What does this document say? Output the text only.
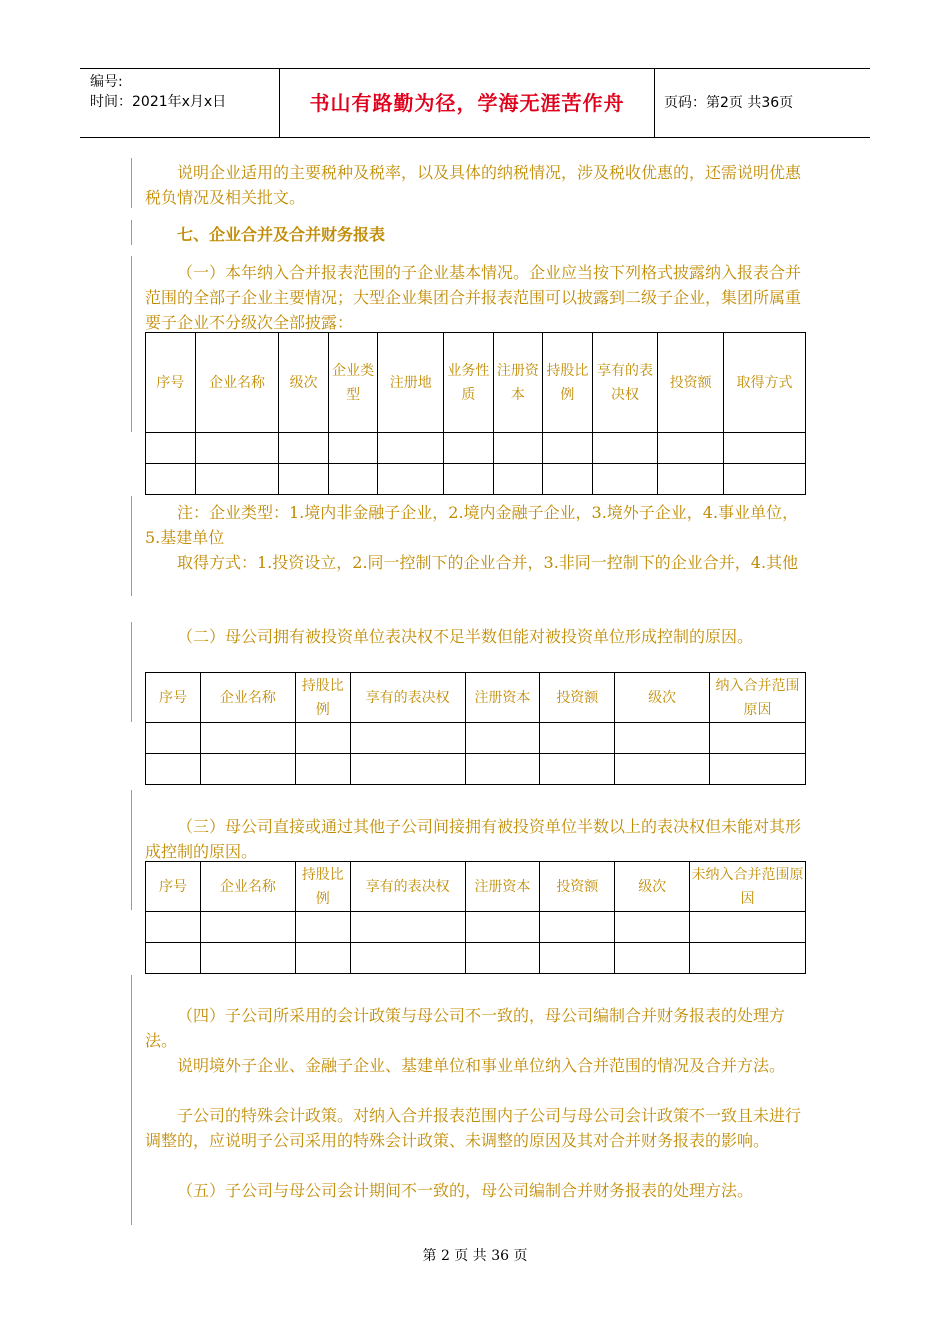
编号:
时间：2021年x月x日	书山有路勤为径，学海无涯苦作舟	页码：第2页 共36页

说明企业适用的主要税种及税率，以及具体的纳税情况，涉及税收优惠的，还需说明优惠税负情况及相关批文。

七、企业合并及合并财务报表

（一）本年纳入合并报表范围的子企业基本情况。企业应当按下列格式披露纳入报表合并范围的全部子企业主要情况；大型企业集团合并报表范围可以披露到二级子企业，集团所属重要子企业不分级次全部披露：

序号	企业名称	级次	企业类型	注册地	业务性质	注册资本	持股比例	享有的表决权	投资额	取得方式

注：企业类型：1.境内非金融子企业，2.境内金融子企业，3.境外子企业，4.事业单位，5.基建单位

取得方式：1.投资设立，2.同一控制下的企业合并，3.非同一控制下的企业合并，4.其他

（二）母公司拥有被投资单位表决权不足半数但能对被投资单位形成控制的原因。

序号	企业名称	持股比例	享有的表决权	注册资本	投资额	级次	纳入合并范围原因

（三）母公司直接或通过其他子公司间接拥有被投资单位半数以上的表决权但未能对其形成控制的原因。

序号	企业名称	持股比例	享有的表决权	注册资本	投资额	级次	未纳入合并范围原因

（四）子公司所采用的会计政策与母公司不一致的，母公司编制合并财务报表的处理方法。

说明境外子企业、金融子企业、基建单位和事业单位纳入合并范围的情况及合并方法。

子公司的特殊会计政策。对纳入合并报表范围内子公司与母公司会计政策不一致且未进行调整的，应说明子公司采用的特殊会计政策、未调整的原因及其对合并财务报表的影响。

（五）子公司与母公司会计期间不一致的，母公司编制合并财务报表的处理方法。

第 2 页 共 36 页
